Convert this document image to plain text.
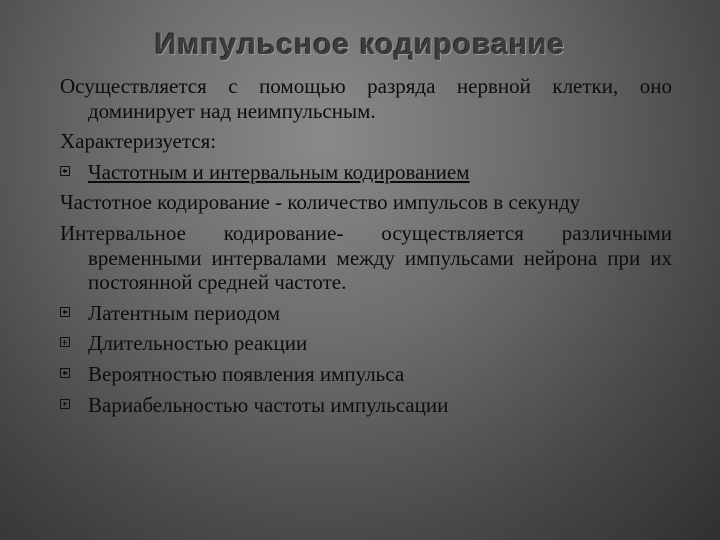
Импульсное кодирование
Осуществляется с помощью разряда нервной клетки, оно доминирует над неимпульсным.
Характеризуется:
Частотным и интервальным кодированием
Частотное кодирование - количество импульсов в секунду
Интервальное кодирование- осуществляется различными временными интервалами между импульсами нейрона при их постоянной средней частоте.
Латентным периодом
Длительностью реакции
Вероятностью появления импульса
Вариабельностью частоты импульсации
